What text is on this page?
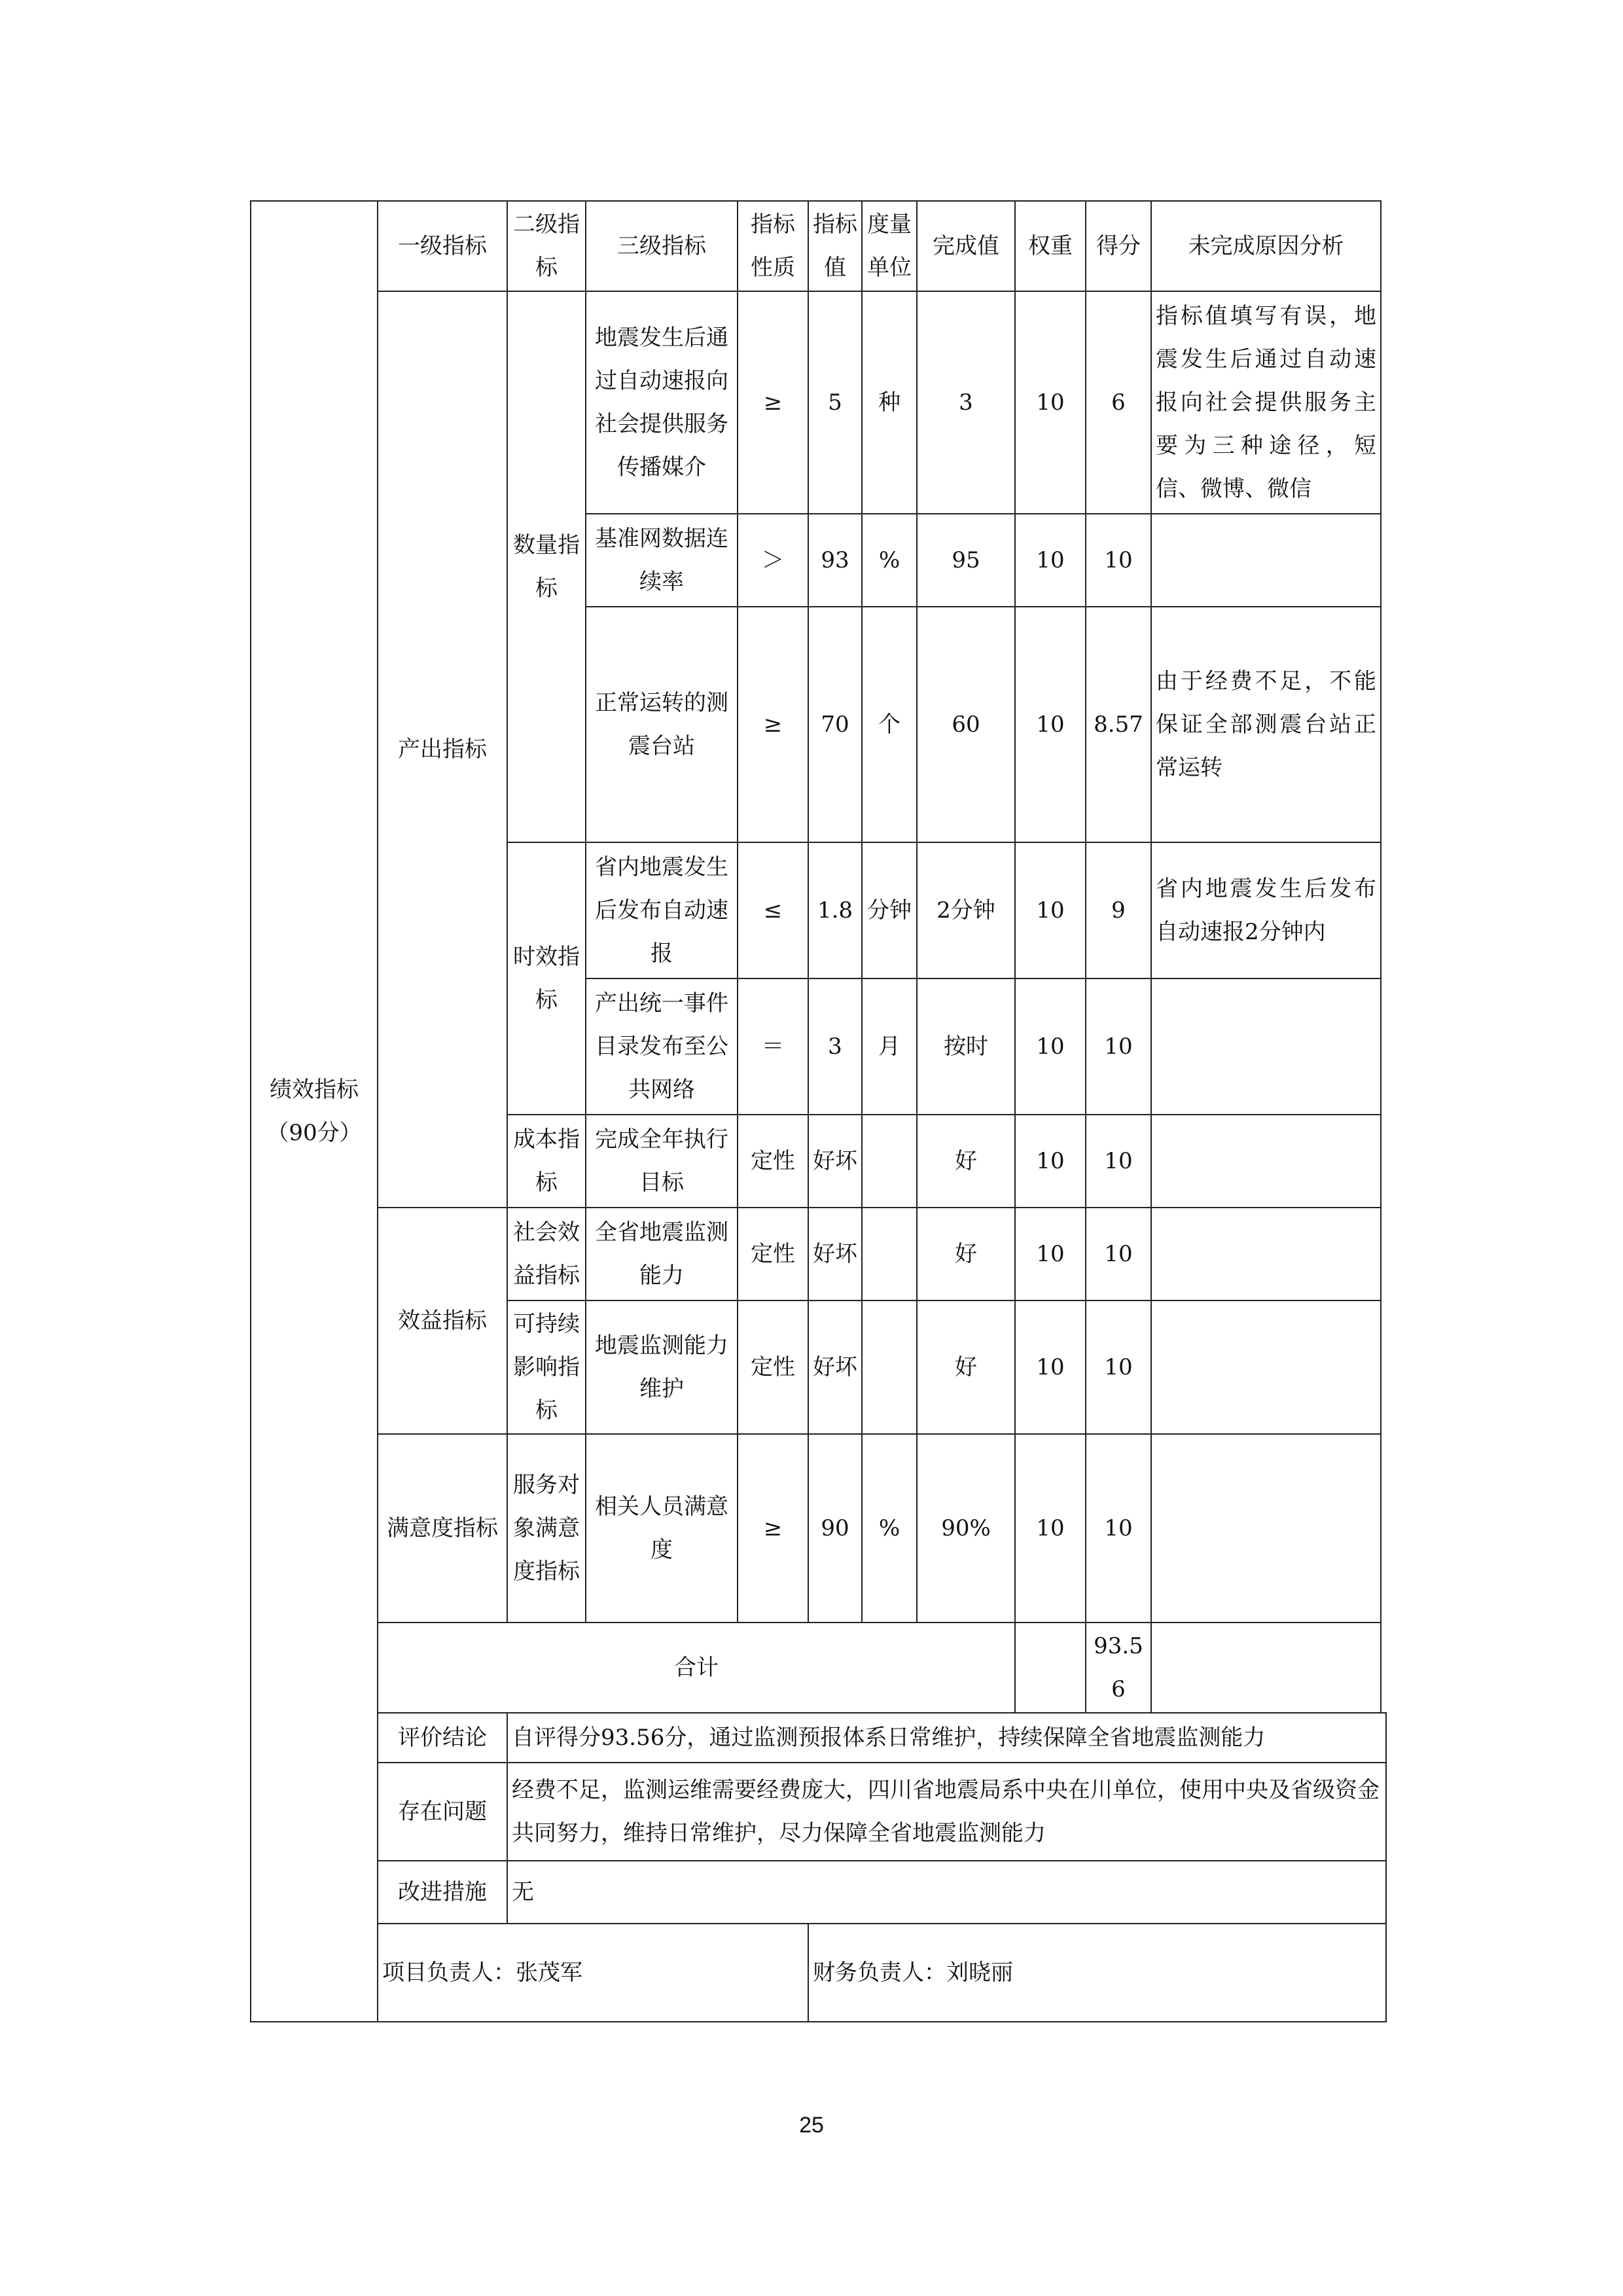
绩效指标（90分）	一级指标	二级指标	三级指标	指标性质	指标值	度量单位	完成值	权重	得分	未完成原因分析
	产出指标	数量指标	地震发生后通过自动速报向社会提供服务传播媒介	≥	5	种	3	10	6	指标值填写有误，地震发生后通过自动速报向社会提供服务主要为三种途径，短信、微博、微信
			基准网数据连续率	＞	93	%	95	10	10	
			正常运转的测震台站	≥	70	个	60	10	8.57	由于经费不足，不能保证全部测震台站正常运转
		时效指标	省内地震发生后发布自动速报	≤	1.8	分钟	2分钟	10	9	省内地震发生后发布自动速报2分钟内
			产出统一事件目录发布至公共网络	＝	3	月	按时	10	10	
		成本指标	完成全年执行目标	定性	好坏		好	10	10	
	效益指标	社会效益指标	全省地震监测能力	定性	好坏		好	10	10	
		可持续影响指标	地震监测能力维护	定性	好坏		好	10	10	
	满意度指标	服务对象满意度指标	相关人员满意度	≥	90	%	90%	10	10	
	合计								93.56	
	评价结论	自评得分93.56分，通过监测预报体系日常维护，持续保障全省地震监测能力								
	存在问题	经费不足，监测运维需要经费庞大，四川省地震局系中央在川单位，使用中央及省级资金共同努力，维持日常维护，尽力保障全省地震监测能力								
	改进措施	无								
	项目负责人：张茂军				财务负责人：刘晓丽					
25
